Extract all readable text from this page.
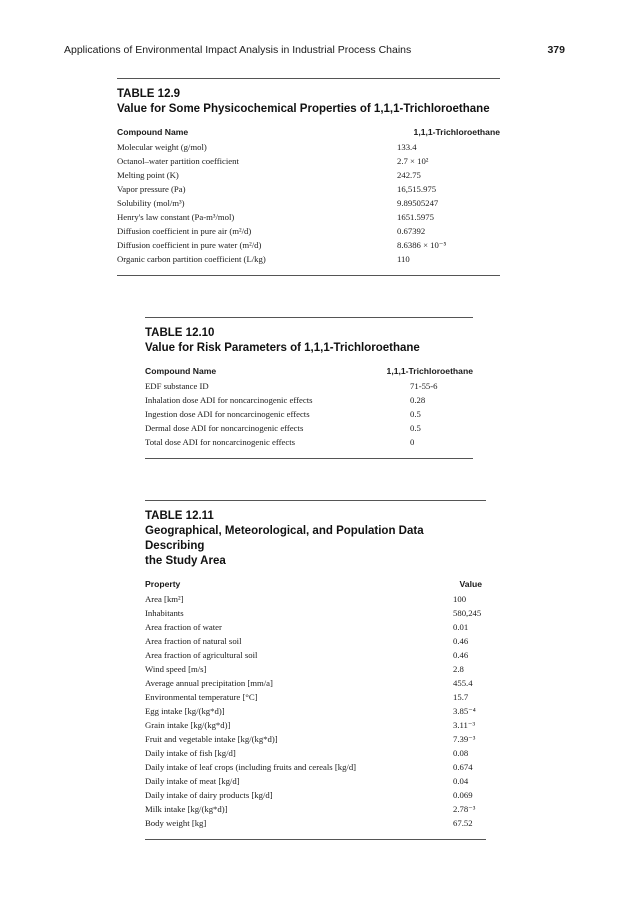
Applications of Environmental Impact Analysis in Industrial Process Chains	379
TABLE 12.9
Value for Some Physicochemical Properties of 1,1,1-Trichloroethane
Compound Name	1,1,1-Trichloroethane
Molecular weight (g/mol)	133.4
Octanol–water partition coefficient	2.7 × 10²
Melting point (K)	242.75
Vapor pressure (Pa)	16,515.975
Solubility (mol/m³)	9.89505247
Henry's law constant (Pa-m³/mol)	1651.5975
Diffusion coefficient in pure air (m²/d)	0.67392
Diffusion coefficient in pure water (m²/d)	8.6386 × 10⁻⁵
Organic carbon partition coefficient (L/kg)	110
TABLE 12.10
Value for Risk Parameters of 1,1,1-Trichloroethane
Compound Name	1,1,1-Trichloroethane
EDF substance ID	71-55-6
Inhalation dose ADI for noncarcinogenic effects	0.28
Ingestion dose ADI for noncarcinogenic effects	0.5
Dermal dose ADI for noncarcinogenic effects	0.5
Total dose ADI for noncarcinogenic effects	0
TABLE 12.11
Geographical, Meteorological, and Population Data Describing
the Study Area
Property	Value
Area [km²]	100
Inhabitants	580,245
Area fraction of water	0.01
Area fraction of natural soil	0.46
Area fraction of agricultural soil	0.46
Wind speed [m/s]	2.8
Average annual precipitation [mm/a]	455.4
Environmental temperature [°C]	15.7
Egg intake [kg/(kg*d)]	3.85⁻⁴
Grain intake [kg/(kg*d)]	3.11⁻³
Fruit and vegetable intake [kg/(kg*d)]	7.39⁻³
Daily intake of fish [kg/d]	0.08
Daily intake of leaf crops (including fruits and cereals [kg/d]	0.674
Daily intake of meat [kg/d]	0.04
Daily intake of dairy products [kg/d]	0.069
Milk intake [kg/(kg*d)]	2.78⁻³
Body weight [kg]	67.52
